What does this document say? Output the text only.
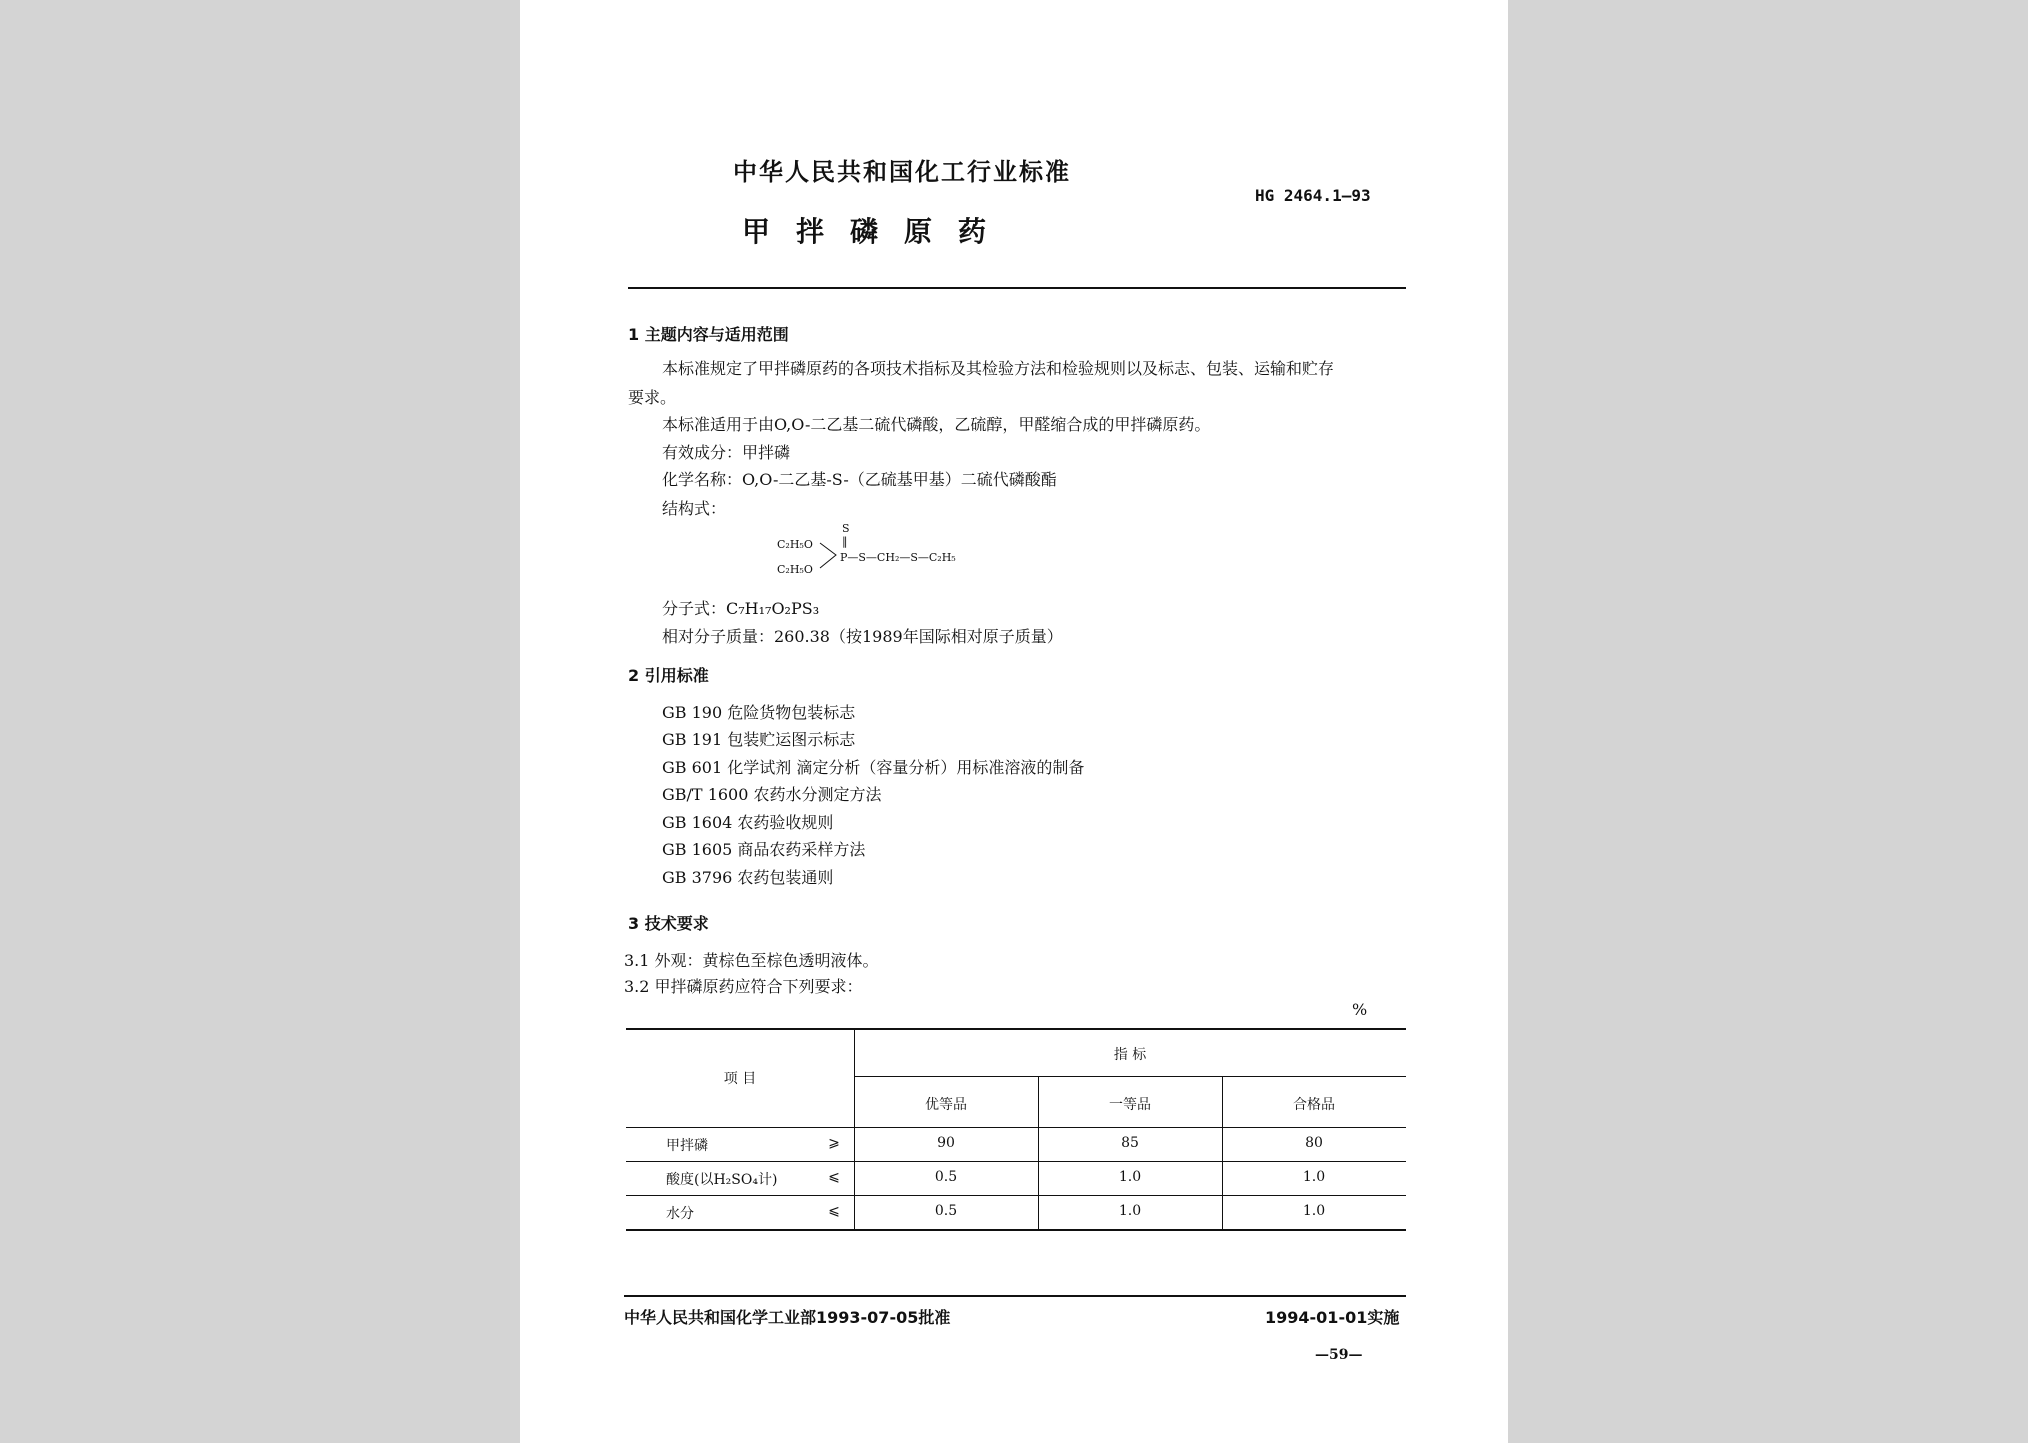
中华人民共和国化工行业标准
HG 2464.1—93
甲拌磷原药
1 主题内容与适用范围
本标准规定了甲拌磷原药的各项技术指标及其检验方法和检验规则以及标志、包装、运输和贮存
要求。
本标准适用于由O,O-二乙基二硫代磷酸，乙硫醇，甲醛缩合成的甲拌磷原药。
有效成分：甲拌磷
化学名称：O,O-二乙基-S-（乙硫基甲基）二硫代磷酸酯
结构式：
S
‖
C₂H₅O
C₂H₅O
P—S—CH₂—S—C₂H₅
分子式：C₇H₁₇O₂PS₃
相对分子质量：260.38（按1989年国际相对原子质量）
2 引用标准
GB 190 危险货物包装标志
GB 191 包装贮运图示标志
GB 601 化学试剂 滴定分析（容量分析）用标准溶液的制备
GB/T 1600 农药水分测定方法
GB 1604 农药验收规则
GB 1605 商品农药采样方法
GB 3796 农药包装通则
3 技术要求
3.1 外观：黄棕色至棕色透明液体。
3.2 甲拌磷原药应符合下列要求：
%
项 目
指 标
优等品	一等品	合格品
甲拌磷	⩾	90	85	80
酸度(以H₂SO₄计)	⩽	0.5	1.0	1.0
水分	⩽	0.5	1.0	1.0
中华人民共和国化学工业部1993-07-05批准	1994-01-01实施
—59—
